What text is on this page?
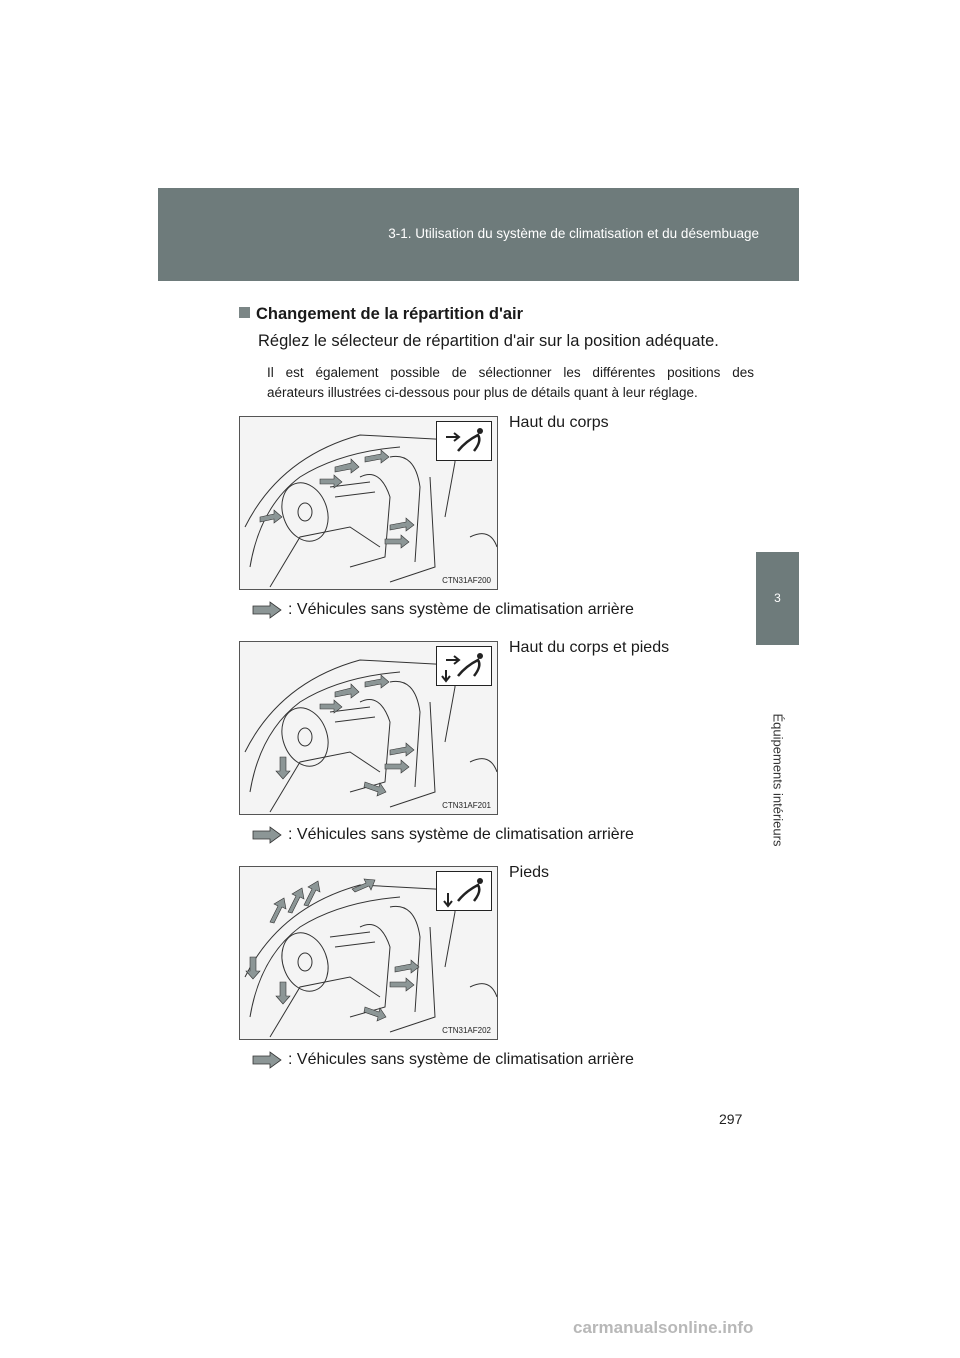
3-1. Utilisation du système de climatisation et du désembuage
3
Équipements intérieurs
Changement de la répartition d'air
Réglez le sélecteur de répartition d'air sur la position adéquate.
Il est également possible de sélectionner les différentes positions des
aérateurs illustrées ci-dessous pour plus de détails quant à leur réglage.
CTN31AF200
Haut du corps
: Véhicules sans système de climatisation arrière
CTN31AF201
Haut du corps et pieds
: Véhicules sans système de climatisation arrière
CTN31AF202
Pieds
: Véhicules sans système de climatisation arrière
297
carmanualsonline.info
